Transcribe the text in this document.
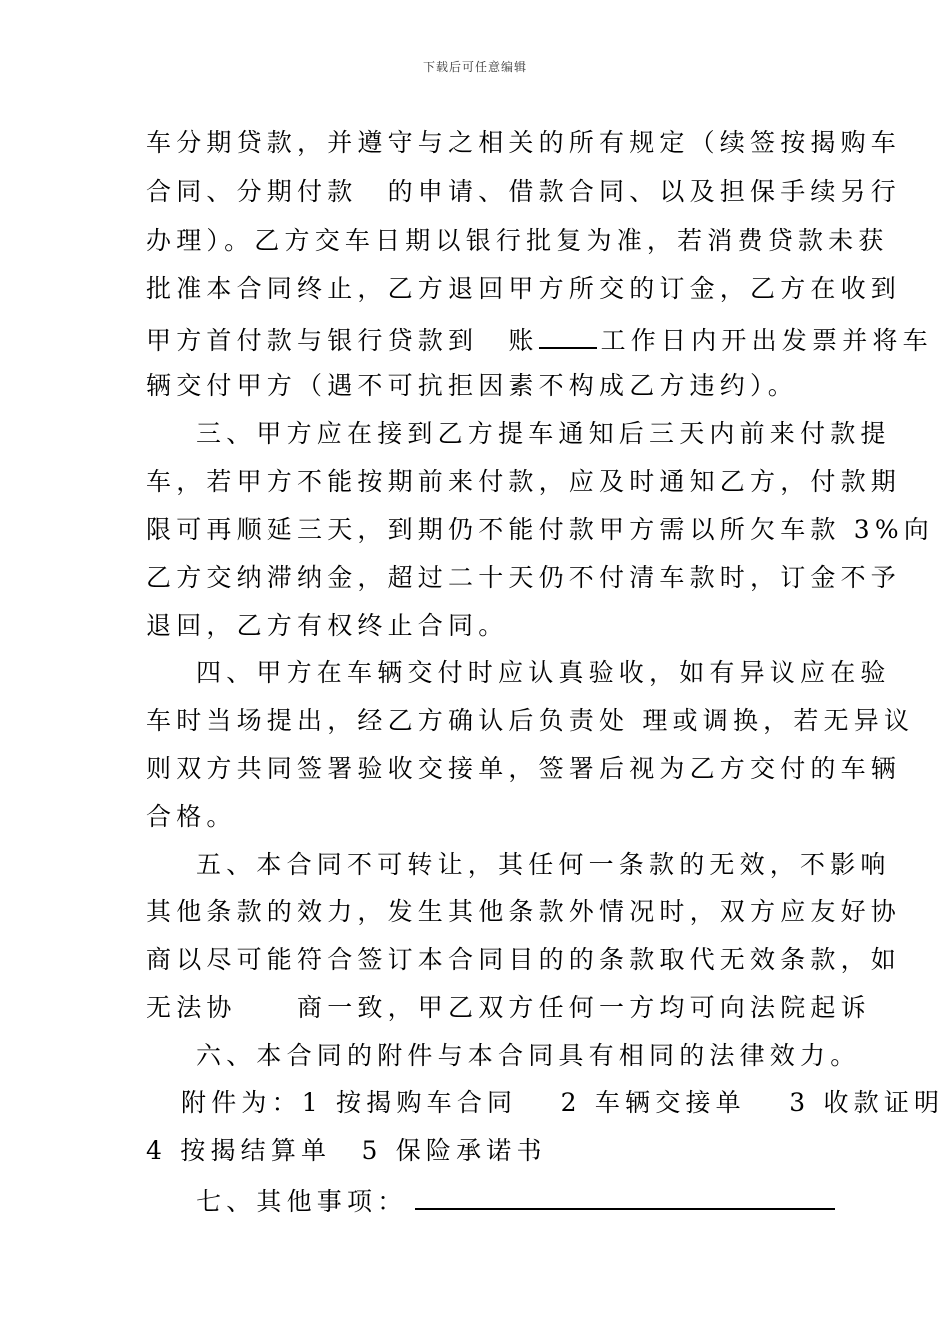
下载后可任意编辑
车分期贷款，并遵守与之相关的所有规定（续签按揭购车
合同、分期付款　的申请、借款合同、以及担保手续另行
办理）。乙方交车日期以银行批复为准，若消费贷款未获
批准本合同终止，乙方退回甲方所交的订金，乙方在收到
甲方首付款与银行贷款到　账 工作日内开出发票并将车
辆交付甲方（遇不可抗拒因素不构成乙方违约）。
三、甲方应在接到乙方提车通知后三天内前来付款提
车，若甲方不能按期前来付款，应及时通知乙方，付款期
限可再顺延三天，到期仍不能付款甲方需以所欠车款 3%向
乙方交纳滞纳金，超过二十天仍不付清车款时，订金不予
退回，乙方有权终止合同。
四、甲方在车辆交付时应认真验收，如有异议应在验
车时当场提出，经乙方确认后负责处 理或调换，若无异议
则双方共同签署验收交接单，签署后视为乙方交付的车辆
合格。
五、本合同不可转让，其任何一条款的无效，不影响
其他条款的效力，发生其他条款外情况时，双方应友好协
商以尽可能符合签订本合同目的的条款取代无效条款，如
无法协　　商一致，甲乙双方任何一方均可向法院起诉
六、本合同的附件与本合同具有相同的法律效力。
附件为：1 按揭购车合同　 2 车辆交接单　 3 收款证明
4 按揭结算单　5 保险承诺书
七、其他事项：
